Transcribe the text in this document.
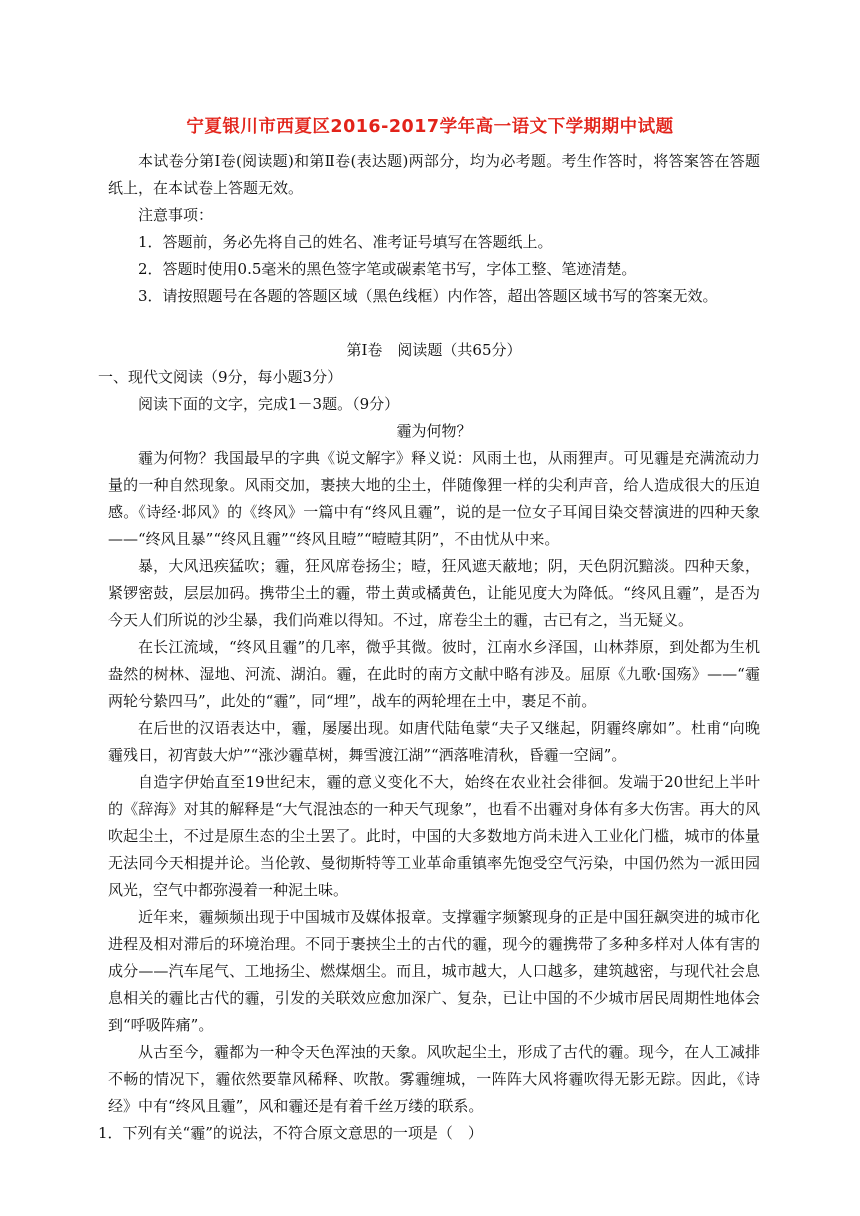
宁夏银川市西夏区2016-2017学年高一语文下学期期中试题

本试卷分第Ⅰ卷(阅读题)和第Ⅱ卷(表达题)两部分，均为必考题。考生作答时，将答案答在答题纸上，在本试卷上答题无效。

注意事项：

1．答题前，务必先将自己的姓名、准考证号填写在答题纸上。

2．答题时使用0.5毫米的黑色签字笔或碳素笔书写，字体工整、笔迹清楚。

3．请按照题号在各题的答题区域（黑色线框）内作答，超出答题区域书写的答案无效。

第Ⅰ卷　阅读题（共65分）

一、现代文阅读（9分，每小题3分）

阅读下面的文字，完成1－3题。（9分）

霾为何物？

霾为何物？我国最早的字典《说文解字》释义说：风雨土也，从雨狸声。可见霾是充满流动力量的一种自然现象。风雨交加，裹挟大地的尘土，伴随像狸一样的尖利声音，给人造成很大的压迫感。《诗经·邶风》的《终风》一篇中有“终风且霾”，说的是一位女子耳闻目染交替演进的四种天象——“终风且暴”“终风且霾”“终风且曀”“曀曀其阴”，不由忧从中来。

暴，大风迅疾猛吹；霾，狂风席卷扬尘；曀，狂风遮天蔽地；阴，天色阴沉黯淡。四种天象，紧锣密鼓，层层加码。携带尘土的霾，带土黄或橘黄色，让能见度大为降低。“终风且霾”，是否为今天人们所说的沙尘暴，我们尚难以得知。不过，席卷尘土的霾，古已有之，当无疑义。

在长江流域，“终风且霾”的几率，微乎其微。彼时，江南水乡泽国，山林莽原，到处都为生机盎然的树林、湿地、河流、湖泊。霾，在此时的南方文献中略有涉及。屈原《九歌·国殇》——“霾两轮兮絷四马”，此处的“霾”，同“埋”，战车的两轮埋在土中，裹足不前。

在后世的汉语表达中，霾，屡屡出现。如唐代陆龟蒙“夫子又继起，阴霾终廓如”。杜甫“向晚霾残日，初宵鼓大炉”“涨沙霾草树，舞雪渡江湖”“洒落唯清秋，昏霾一空阔”。

自造字伊始直至19世纪末，霾的意义变化不大，始终在农业社会徘徊。发端于20世纪上半叶的《辞海》对其的解释是“大气混浊态的一种天气现象”，也看不出霾对身体有多大伤害。再大的风吹起尘土，不过是原生态的尘土罢了。此时，中国的大多数地方尚未进入工业化门槛，城市的体量无法同今天相提并论。当伦敦、曼彻斯特等工业革命重镇率先饱受空气污染，中国仍然为一派田园风光，空气中都弥漫着一种泥土味。

近年来，霾频频出现于中国城市及媒体报章。支撑霾字频繁现身的正是中国狂飙突进的城市化进程及相对滞后的环境治理。不同于裹挟尘土的古代的霾，现今的霾携带了多种多样对人体有害的成分——汽车尾气、工地扬尘、燃煤烟尘。而且，城市越大，人口越多，建筑越密，与现代社会息息相关的霾比古代的霾，引发的关联效应愈加深广、复杂，已让中国的不少城市居民周期性地体会到“呼吸阵痛”。

从古至今，霾都为一种令天色浑浊的天象。风吹起尘土，形成了古代的霾。现今，在人工减排不畅的情况下，霾依然要靠风稀释、吹散。雾霾缠城，一阵阵大风将霾吹得无影无踪。因此，《诗经》中有“终风且霾”，风和霾还是有着千丝万缕的联系。

1．下列有关“霾”的说法，不符合原文意思的一项是（　）
